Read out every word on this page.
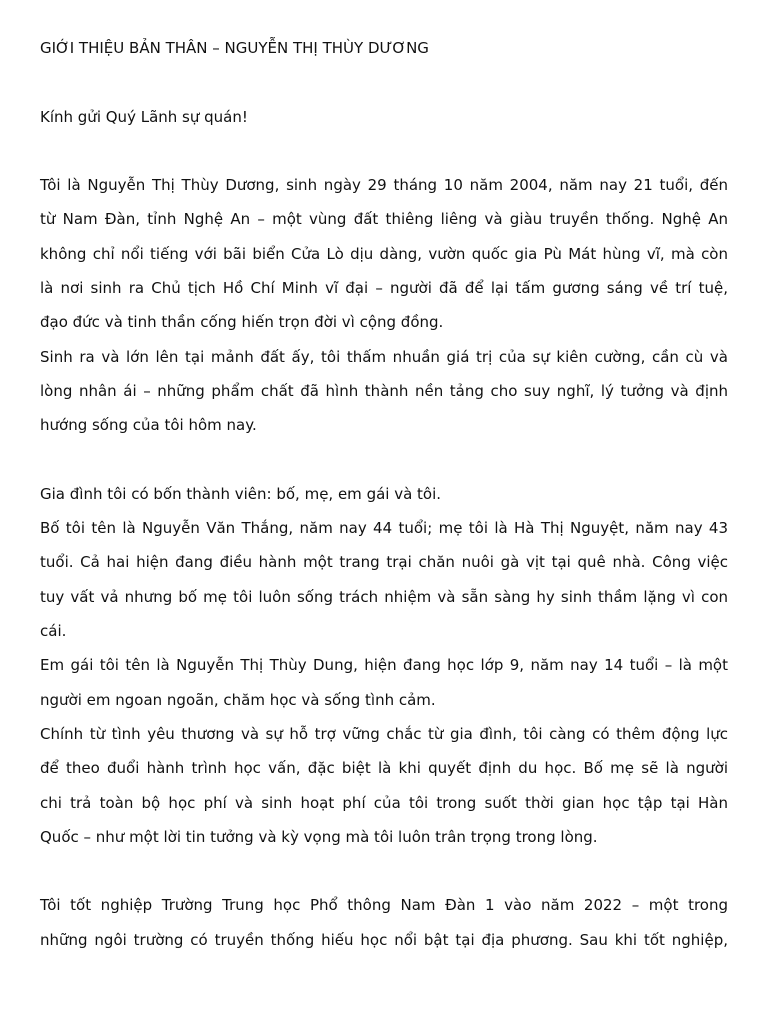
GIỚI THIỆU BẢN THÂN – NGUYỄN THỊ THÙY DƯƠNG
Kính gửi Quý Lãnh sự quán!
Tôi là Nguyễn Thị Thùy Dương, sinh ngày 29 tháng 10 năm 2004, năm nay 21 tuổi, đến
từ Nam Đàn, tỉnh Nghệ An – một vùng đất thiêng liêng và giàu truyền thống. Nghệ An
không chỉ nổi tiếng với bãi biển Cửa Lò dịu dàng, vườn quốc gia Pù Mát hùng vĩ, mà còn
là nơi sinh ra Chủ tịch Hồ Chí Minh vĩ đại – người đã để lại tấm gương sáng về trí tuệ,
đạo đức và tinh thần cống hiến trọn đời vì cộng đồng.
Sinh ra và lớn lên tại mảnh đất ấy, tôi thấm nhuần giá trị của sự kiên cường, cần cù và
lòng nhân ái – những phẩm chất đã hình thành nền tảng cho suy nghĩ, lý tưởng và định
hướng sống của tôi hôm nay.
Gia đình tôi có bốn thành viên: bố, mẹ, em gái và tôi.
Bố tôi tên là Nguyễn Văn Thắng, năm nay 44 tuổi; mẹ tôi là Hà Thị Nguyệt, năm nay 43
tuổi. Cả hai hiện đang điều hành một trang trại chăn nuôi gà vịt tại quê nhà. Công việc
tuy vất vả nhưng bố mẹ tôi luôn sống trách nhiệm và sẵn sàng hy sinh thầm lặng vì con
cái.
Em gái tôi tên là Nguyễn Thị Thùy Dung, hiện đang học lớp 9, năm nay 14 tuổi – là một
người em ngoan ngoãn, chăm học và sống tình cảm.
Chính từ tình yêu thương và sự hỗ trợ vững chắc từ gia đình, tôi càng có thêm động lực
để theo đuổi hành trình học vấn, đặc biệt là khi quyết định du học. Bố mẹ sẽ là người
chi trả toàn bộ học phí và sinh hoạt phí của tôi trong suốt thời gian học tập tại Hàn
Quốc – như một lời tin tưởng và kỳ vọng mà tôi luôn trân trọng trong lòng.
Tôi tốt nghiệp Trường Trung học Phổ thông Nam Đàn 1 vào năm 2022 – một trong
những ngôi trường có truyền thống hiếu học nổi bật tại địa phương. Sau khi tốt nghiệp,
